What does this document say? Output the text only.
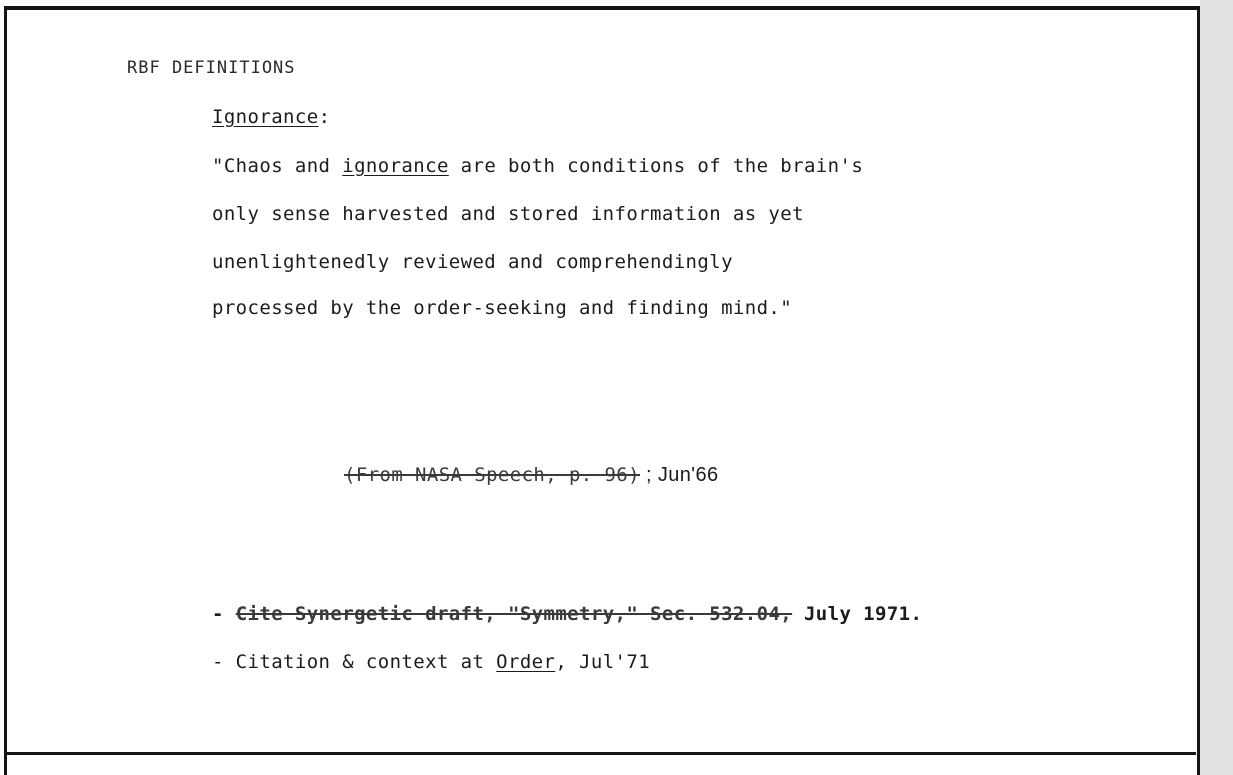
RBF DEFINITIONS
Ignorance:
"Chaos and ignorance are both conditions of the brain's
only sense harvested and stored information as yet
unenlightenedly reviewed and comprehendingly
processed by the order-seeking and finding mind."
(From NASA Speech, p. 96) ; Jun'66
- Cite Synergetic draft, "Symmetry," Sec. 532.04, July 1971.
- Citation & context at Order, Jul'71
